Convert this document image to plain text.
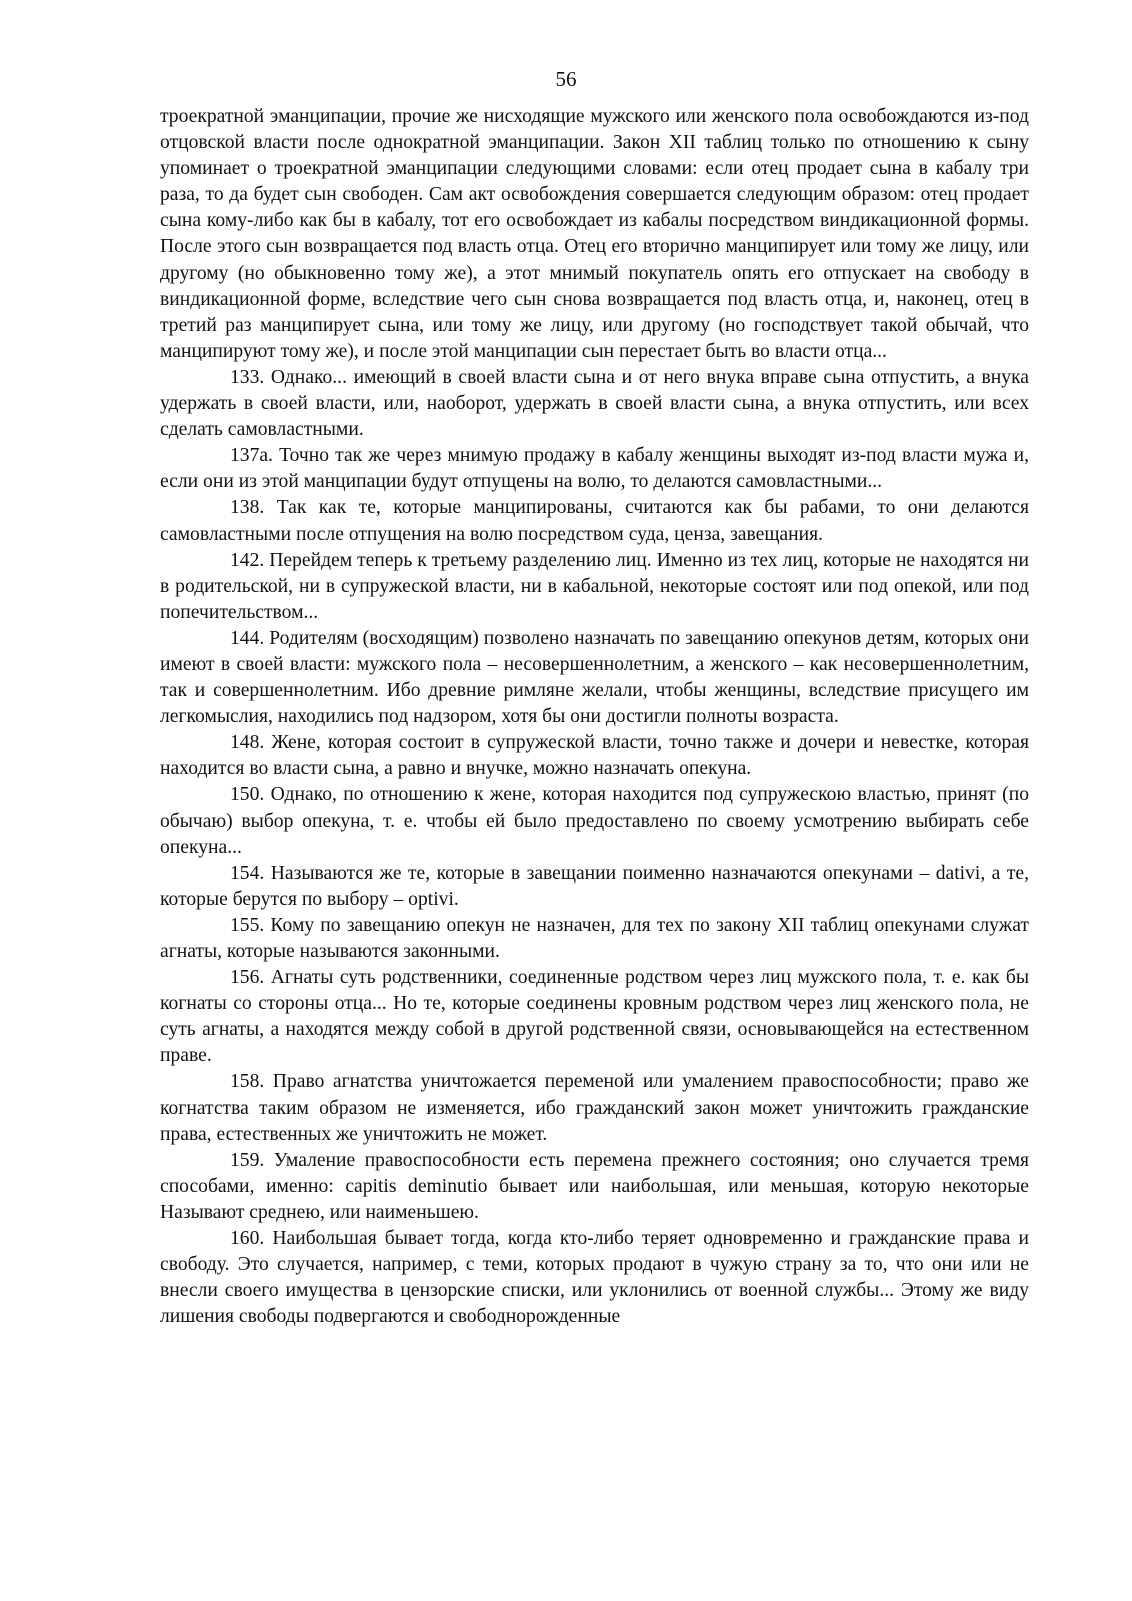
56

троекратной эманципации, прочие же нисходящие мужского или женского пола освобождаются из-под отцовской власти после однократной эманципации. Закон XII таблиц только по отношению к сыну упоминает о троекратной эманципации следующими словами: если отец продает сына в кабалу три раза, то да будет сын свободен. Сам акт освобождения совершается следующим образом: отец продает сына кому-либо как бы в кабалу, тот его освобождает из кабалы посредством виндикационной формы. После этого сын возвращается под власть отца. Отец его вторично манципирует или тому же лицу, или другому (но обыкновенно тому же), а этот мнимый покупатель опять его отпускает на свободу в виндикационной форме, вследствие чего сын снова возвращается под власть отца, и, наконец, отец в третий раз манципирует сына, или тому же лицу, или другому (но господствует такой обычай, что манципируют тому же), и после этой манципации сын перестает быть во власти отца...

133. Однако... имеющий в своей власти сына и от него внука вправе сына отпустить, а внука удержать в своей власти, или, наоборот, удержать в своей власти сына, а внука отпустить, или всех сделать самовластными.

137а. Точно так же через мнимую продажу в кабалу женщины выходят из-под власти мужа и, если они из этой манципации будут отпущены на волю, то делаются самовластными...

138. Так как те, которые манципированы, считаются как бы рабами, то они делаются самовластными после отпущения на волю посредством суда, ценза, завещания.

142. Перейдем теперь к третьему разделению лиц. Именно из тех лиц, которые не находятся ни в родительской, ни в супружеской власти, ни в кабальной, некоторые состоят или под опекой, или под попечительством...

144. Родителям (восходящим) позволено назначать по завещанию опекунов детям, которых они имеют в своей власти: мужского пола – несовершеннолетним, а женского – как несовершеннолетним, так и совершеннолетним. Ибо древние римляне желали, чтобы женщины, вследствие присущего им легкомыслия, находились под надзором, хотя бы они достигли полноты возраста.

148. Жене, которая состоит в супружеской власти, точно также и дочери и невестке, которая находится во власти сына, а равно и внучке, можно назначать опекуна.

150. Однако, по отношению к жене, которая находится под супружескою властью, принят (по обычаю) выбор опекуна, т. е. чтобы ей было предоставлено по своему усмотрению выбирать себе опекуна...

154. Называются же те, которые в завещании поименно назначаются опекунами – dativi, а те, которые берутся по выбору – optivi.

155. Кому по завещанию опекун не назначен, для тех по закону XII таблиц опекунами служат агнаты, которые называются законными.

156. Агнаты суть родственники, соединенные родством через лиц мужского пола, т. е. как бы когнаты со стороны отца... Но те, которые соединены кровным родством через лиц женского пола, не суть агнаты, а находятся между собой в другой родственной связи, основывающейся на естественном праве.

158. Право агнатства уничтожается переменой или умалением правоспособности; право же когнатства таким образом не изменяется, ибо гражданский закон может уничтожить гражданские права, естественных же уничтожить не может.

159. Умаление правоспособности есть перемена прежнего состояния; оно случается тремя способами, именно: capitis deminutio бывает или наибольшая, или меньшая, которую некоторые Называют среднею, или наименьшею.

160. Наибольшая бывает тогда, когда кто-либо теряет одновременно и гражданские права и свободу. Это случается, например, с теми, которых продают в чужую страну за то, что они или не внесли своего имущества в цензорские списки, или уклонились от военной службы... Этому же виду лишения свободы подвергаются и свободнорожденные
